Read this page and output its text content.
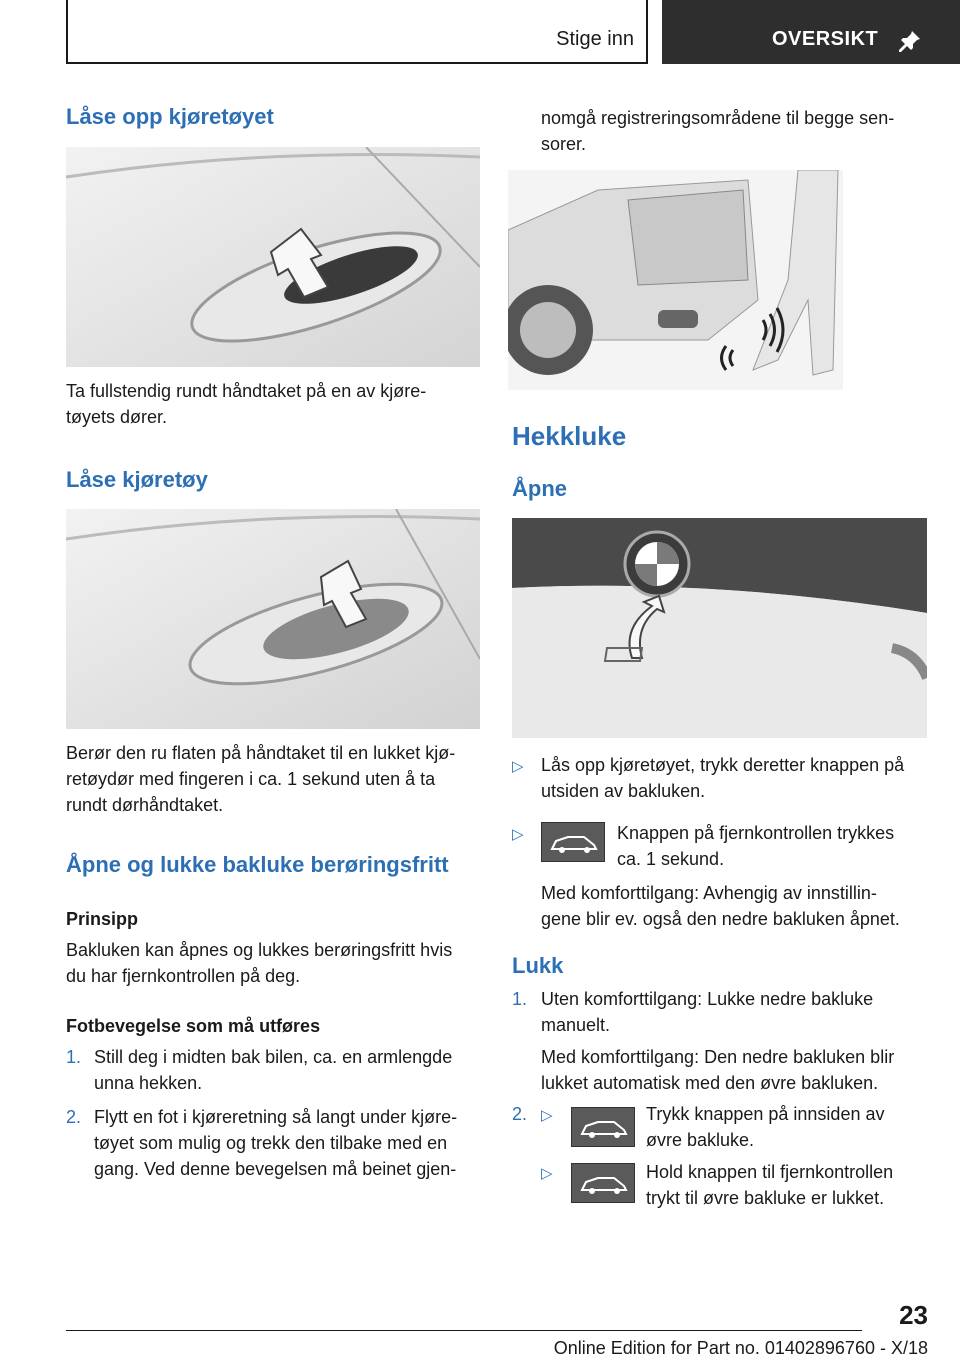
Stige inn	OVERSIKT
Låse opp kjøretøyet
Ta fullstendig rundt håndtaket på en av kjøre‐
tøyets dører.
Låse kjøretøy
Berør den ru flaten på håndtaket til en lukket kjø‐
retøydør med fingeren i ca. 1 sekund uten å ta
rundt dørhåndtaket.
Åpne og lukke bakluke berøringsfritt
Prinsipp
Bakluken kan åpnes og lukkes berøringsfritt hvis
du har fjernkontrollen på deg.
Fotbevegelse som må utføres
1. Still deg i midten bak bilen, ca. en armlengde
unna hekken.
2. Flytt en fot i kjøreretning så langt under kjøre‐
tøyet som mulig og trekk den tilbake med en
gang. Ved denne bevegelsen må beinet gjen‐
nomgå registreringsområdene til begge sen‐
sorer.
Hekkluke
Åpne
▷ Lås opp kjøretøyet, trykk deretter knappen på
utsiden av bakluken.
▷	Knappen på fjernkontrollen trykkes
ca. 1 sekund.
Med komforttilgang: Avhengig av innstillin‐
gene blir ev. også den nedre bakluken åpnet.
Lukk
1. Uten komforttilgang: Lukke nedre bakluke
manuelt.
Med komforttilgang: Den nedre bakluken blir
lukket automatisk med den øvre bakluken.
2. ▷	Trykk knappen på innsiden av
øvre bakluke.
▷	Hold knappen til fjernkontrollen
trykt til øvre bakluke er lukket.
23
Online Edition for Part no. 01402896760 - X/18
